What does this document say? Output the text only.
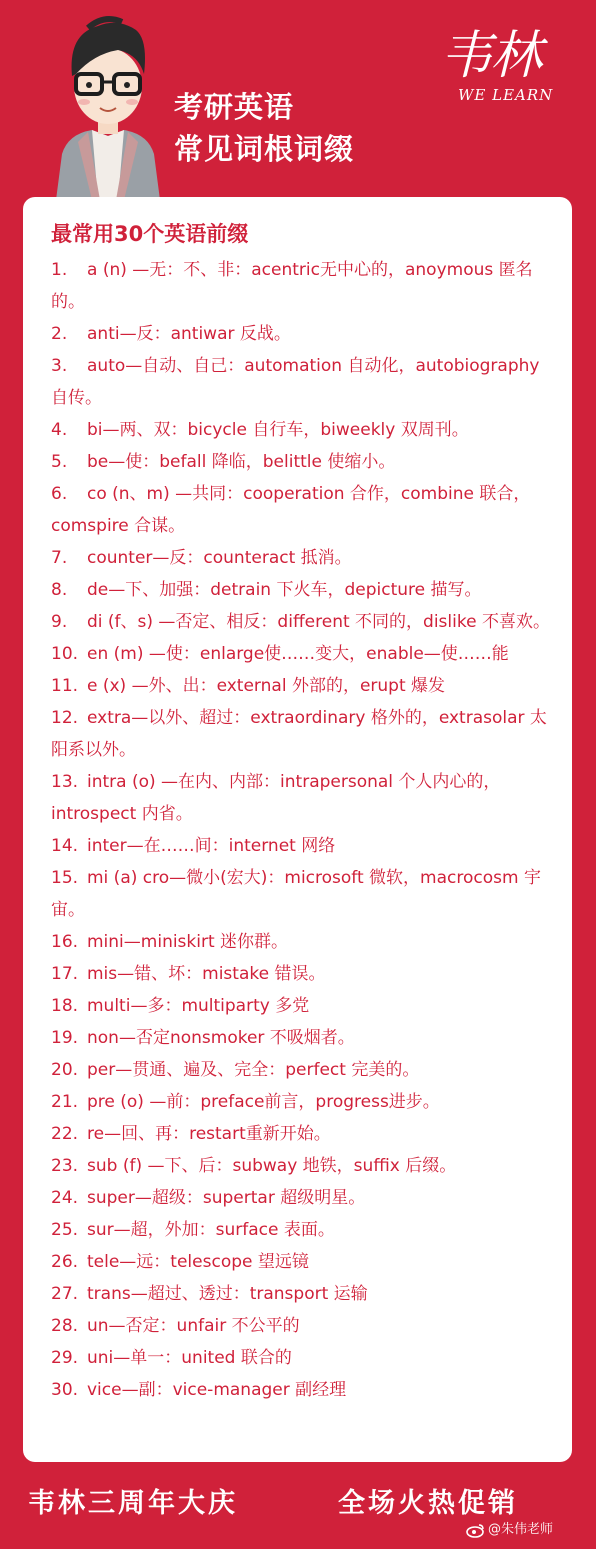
考研英语
常见词根词缀
韦林
WE LEARN
最常用30个英语前缀
1. a (n) —无：不、非：acentric无中心的，anoymous 匿名的。
2. anti—反：antiwar 反战。
3. auto—自动、自己：automation 自动化，autobiography 自传。
4. bi—两、双：bicycle 自行车，biweekly 双周刊。
5. be—使：befall 降临，belittle 使缩小。
6. co (n、m) —共同：cooperation 合作，combine 联合，comspire 合谋。
7. counter—反：counteract 抵消。
8. de—下、加强：detrain 下火车，depicture 描写。
9. di (f、s) —否定、相反：different 不同的，dislike 不喜欢。
10. en (m) —使：enlarge使……变大，enable—使……能
11. e (x) —外、出：external 外部的，erupt 爆发
12. extra—以外、超过：extraordinary 格外的，extrasolar 太阳系以外。
13. intra (o) —在内、内部：intrapersonal 个人内心的，introspect 内省。
14. inter—在……间：internet 网络
15. mi (a) cro—微小(宏大)：microsoft 微软，macrocosm 宇宙。
16. mini—miniskirt 迷你群。
17. mis—错、坏：mistake 错误。
18. multi—多：multiparty 多党
19. non—否定nonsmoker 不吸烟者。
20. per—贯通、遍及、完全：perfect 完美的。
21. pre (o) —前：preface前言，progress进步。
22. re—回、再：restart重新开始。
23. sub (f) —下、后：subway 地铁，suffix 后缀。
24. super—超级：supertar 超级明星。
25. sur—超，外加：surface 表面。
26. tele—远：telescope 望远镜
27. trans—超过、透过：transport 运输
28. un—否定：unfair 不公平的
29. uni—单一：united 联合的
30. vice—副：vice-manager 副经理
韦林三周年大庆	全场火热促销
@朱伟老师
